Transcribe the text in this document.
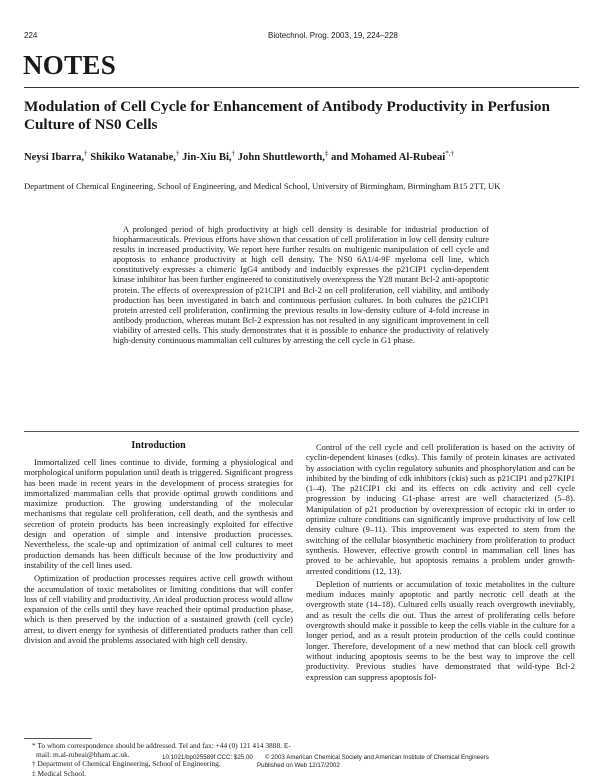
224	Biotechnol. Prog. 2003, 19, 224–228
NOTES
Modulation of Cell Cycle for Enhancement of Antibody Productivity in Perfusion Culture of NS0 Cells
Neysi Ibarra,† Shikiko Watanabe,† Jin-Xiu Bi,† John Shuttleworth,‡ and Mohamed Al-Rubeai*,†
Department of Chemical Engineering, School of Engineering, and Medical School, University of Birmingham, Birmingham B15 2TT, UK
A prolonged period of high productivity at high cell density is desirable for industrial production of biopharmaceuticals. Previous efforts have shown that cessation of cell proliferation in low cell density culture results in increased productivity. We report here further results on multigenic manipulation of cell cycle and apoptosis to enhance productivity at high cell density. The NS0 6A1/4-9F myeloma cell line, which constitutively expresses a chimeric IgG4 antibody and inducibly expresses the p21CIP1 cyclin-dependent kinase inhibitor has been further engineered to constitutively overexpress the Y28 mutant Bcl-2 anti-apoptotic protein. The effects of overexpression of p21CIP1 and Bcl-2 on cell proliferation, cell viability, and antibody production has been investigated in batch and continuous perfusion cultures. In both cultures the p21CIP1 protein arrested cell proliferation, confirming the previous results in low-density culture of 4-fold increase in antibody production, whereas mutant Bcl-2 expression has not resulted in any significant improvement in cell viability of arrested cells. This study demonstrates that it is possible to enhance the productivity of relatively high-density continuous mammalian cell cultures by arresting the cell cycle in G1 phase.
Introduction

Immortalized cell lines continue to divide, forming a physiological and morphological uniform population until death is triggered. Significant progress has been made in recent years in the development of process strategies for immortalized mammalian cells that provide optimal growth conditions and maximize production. The growing understanding of the molecular mechanisms that regulate cell proliferation, cell death, and the synthesis and secretion of protein products has been increasingly exploited for effective design and operation of simple and intensive production processes. Nevertheless, the scale-up and optimization of animal cell cultures to meet production demands has been difficult because of the low productivity and instability of the cell lines used.

Optimization of production processes requires active cell growth without the accumulation of toxic metabolites or limiting conditions that will confer loss of cell viability and productivity. An ideal production process would allow expansion of the cells until they have reached their optimal production phase, which is then preserved by the induction of a sustained growth (cell cycle) arrest, to divert energy for synthesis of differentiated products rather than cell division and avoid the problems associated with high cell density.

Control of the cell cycle and cell proliferation is based on the activity of cyclin-dependent kinases (cdks). This family of protein kinases are activated by association with cyclin regulatory subunits and phosphorylation and can be inhibited by the binding of cdk inhibitors (ckis) such as p21CIP1 and p27KIP1 (1–4). The p21CIP1 cki and its effects on cdk activity and cell cycle progression by inducing G1-phase arrest are well characterized (5–8). Manipulation of p21 production by overexpression of ectopic cki in order to optimize culture conditions can significantly improve productivity of low cell density culture (9–11). This improvement was expected to stem from the switching of the cellular biosynthetic machinery from proliferation to product synthesis. However, effective growth control in mammalian cell lines has proved to be achievable, but apoptosis remains a problem under growth-arrested conditions (12, 13).

Depletion of nutrients or accumulation of toxic metabolites in the culture medium induces mainly apoptotic and partly necrotic cell death at the overgrowth state (14–18). Cultured cells usually reach overgrowth inevitably, and as result the cells die out. Thus the arrest of proliferating cells before overgrowth should make it possible to keep the cells viable in the culture for a longer period, and as a result protein production of the cells could continue longer. Therefore, development of a new method that can block cell growth without inducing apoptosis seems to be the best way to improve the cell productivity. Previous studies have demonstrated that wild-type Bcl-2 expression can suppress apoptosis fol-

* To whom correspondence should be addressed. Tel and fax: +44 (0) 121 414 3888. E-mail: m.al-rubeai@bham.ac.uk.
† Department of Chemical Engineering, School of Engineering.
‡ Medical School.
10.1021/bp025589f CCC: $25.00 © 2003 American Chemical Society and American Institute of Chemical Engineers
Published on Web 12/17/2002
